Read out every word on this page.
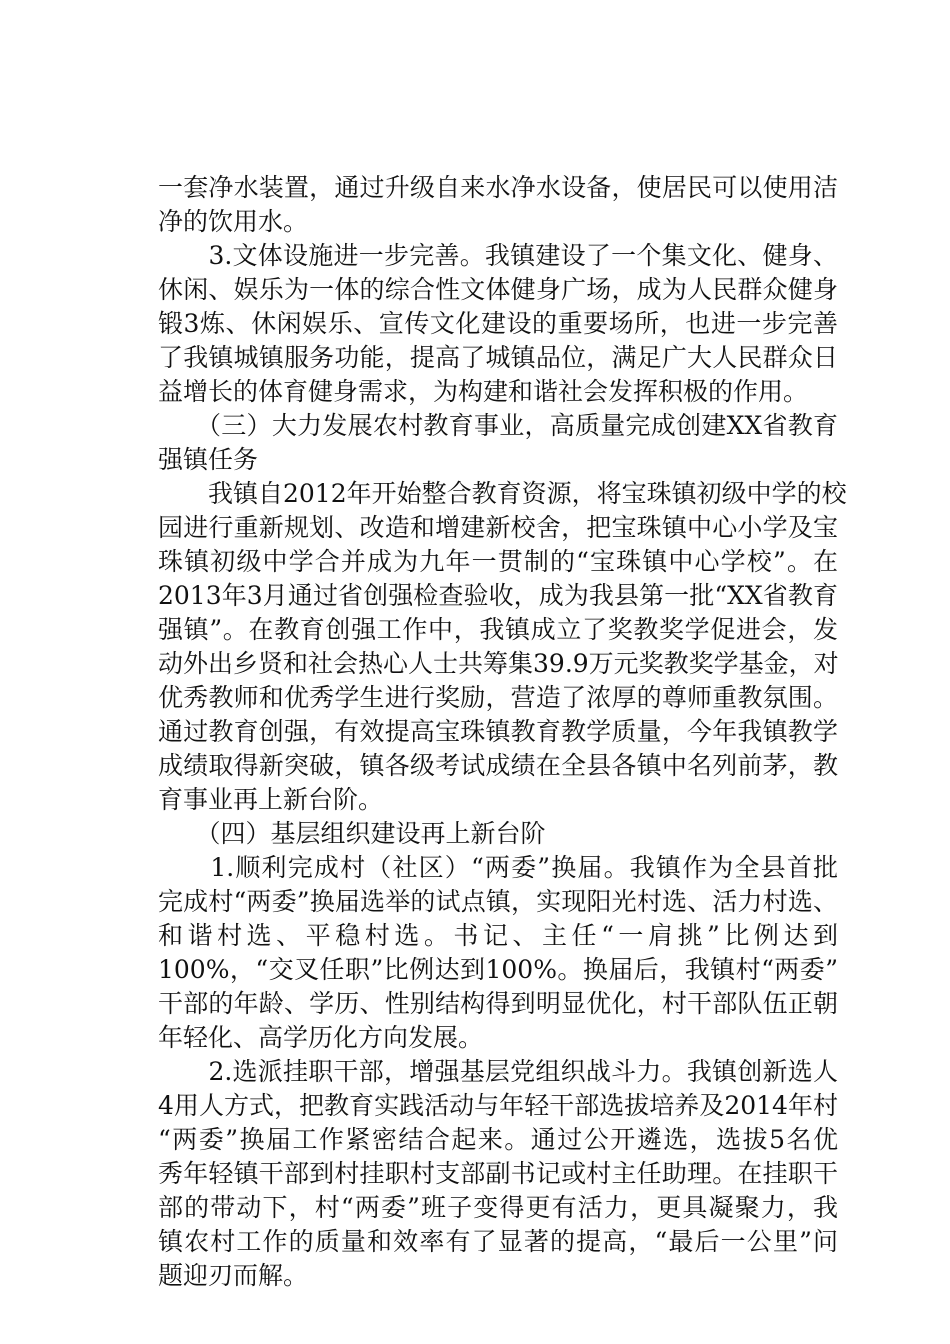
一套净水装置，通过升级自来水净水设备，使居民可以使用洁
净的饮用水。
　　3.文体设施进一步完善。我镇建设了一个集文化、健身、
休闲、娱乐为一体的综合性文体健身广场，成为人民群众健身
锻3炼、休闲娱乐、宣传文化建设的重要场所，也进一步完善
了我镇城镇服务功能，提高了城镇品位，满足广大人民群众日
益增长的体育健身需求，为构建和谐社会发挥积极的作用。
　　（三）大力发展农村教育事业，高质量完成创建XX省教育
强镇任务
　　我镇自2012年开始整合教育资源，将宝珠镇初级中学的校
园进行重新规划、改造和增建新校舍，把宝珠镇中心小学及宝
珠镇初级中学合并成为九年一贯制的“宝珠镇中心学校”。在
2013年3月通过省创强检查验收，成为我县第一批“XX省教育
强镇”。在教育创强工作中，我镇成立了奖教奖学促进会，发
动外出乡贤和社会热心人士共筹集39.9万元奖教奖学基金，对
优秀教师和优秀学生进行奖励，营造了浓厚的尊师重教氛围。
通过教育创强，有效提高宝珠镇教育教学质量，今年我镇教学
成绩取得新突破，镇各级考试成绩在全县各镇中名列前茅，教
育事业再上新台阶。
　　（四）基层组织建设再上新台阶
　　1.顺利完成村（社区）“两委”换届。我镇作为全县首批
完成村“两委”换届选举的试点镇，实现阳光村选、活力村选、
和谐村选、平稳村选。书记、主任“一肩挑”比例达到
100%，“交叉任职”比例达到100%。换届后，我镇村“两委”
干部的年龄、学历、性别结构得到明显优化，村干部队伍正朝
年轻化、高学历化方向发展。
　　2.选派挂职干部，增强基层党组织战斗力。我镇创新选人
4用人方式，把教育实践活动与年轻干部选拔培养及2014年村
“两委”换届工作紧密结合起来。通过公开遴选，选拔5名优
秀年轻镇干部到村挂职村支部副书记或村主任助理。在挂职干
部的带动下，村“两委”班子变得更有活力，更具凝聚力，我
镇农村工作的质量和效率有了显著的提高，“最后一公里”问
题迎刃而解。
